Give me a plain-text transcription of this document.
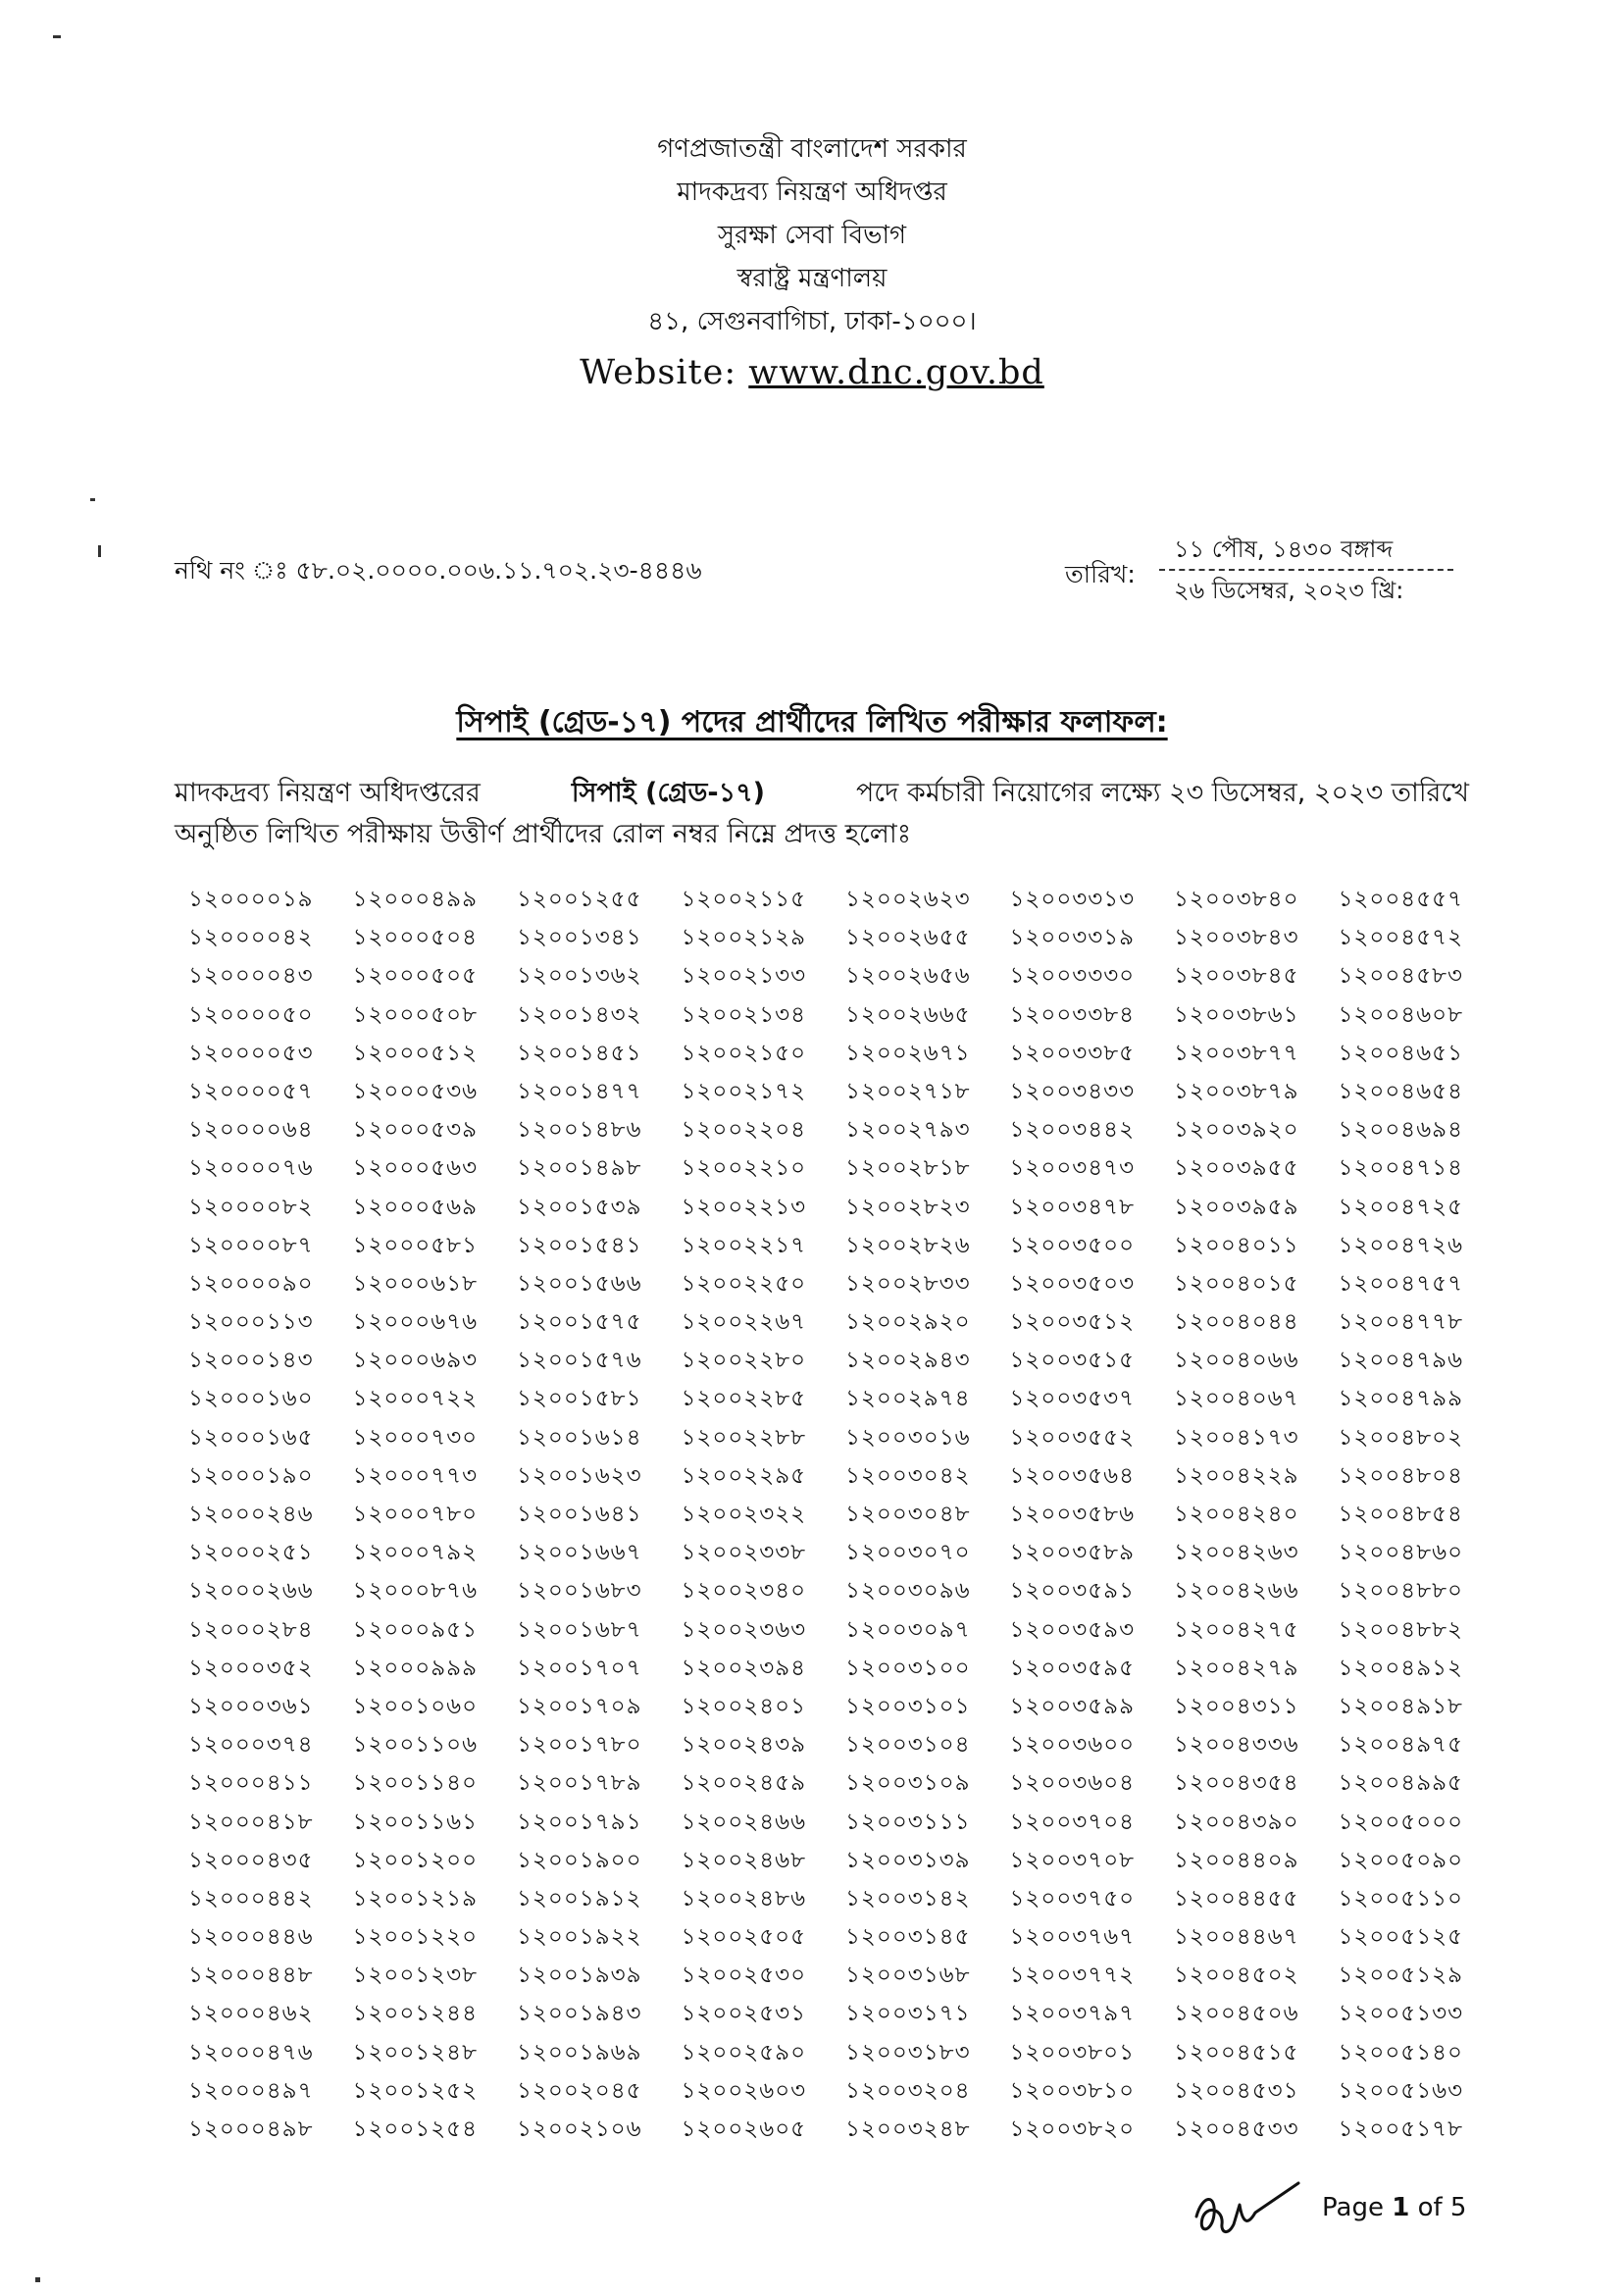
গণপ্রজাতন্ত্রী বাংলাদেশ সরকার
মাদকদ্রব্য নিয়ন্ত্রণ অধিদপ্তর
সুরক্ষা সেবা বিভাগ
স্বরাষ্ট্র মন্ত্রণালয়
৪১, সেগুনবাগিচা, ঢাকা-১০০০।
Website: www.dnc.gov.bd
নথি নং ঃ ৫৮.০২.০০০০.০০৬.১১.৭০২.২৩-৪৪৪৬	তারিখ:
১১ পৌষ, ১৪৩০ বঙ্গাব্দ
২৬ ডিসেম্বর, ২০২৩ খ্রি:
সিপাই (গ্রেড-১৭) পদের প্রার্থীদের লিখিত পরীক্ষার ফলাফল:
মাদকদ্রব্য নিয়ন্ত্রণ অধিদপ্তরের	সিপাই (গ্রেড-১৭)	পদে কর্মচারী নিয়োগের লক্ষ্যে ২৩ ডিসেম্বর, ২০২৩ তারিখে
অনুষ্ঠিত লিখিত পরীক্ষায় উত্তীর্ণ প্রার্থীদের রোল নম্বর নিম্নে প্রদত্ত হলোঃ
১২০০০০১৯	১২০০০৪৯৯	১২০০১২৫৫	১২০০২১১৫	১২০০২৬২৩	১২০০৩৩১৩	১২০০৩৮৪০	১২০০৪৫৫৭
১২০০০০৪২	১২০০০৫০৪	১২০০১৩৪১	১২০০২১২৯	১২০০২৬৫৫	১২০০৩৩১৯	১২০০৩৮৪৩	১২০০৪৫৭২
১২০০০০৪৩	১২০০০৫০৫	১২০০১৩৬২	১২০০২১৩৩	১২০০২৬৫৬	১২০০৩৩৩০	১২০০৩৮৪৫	১২০০৪৫৮৩
১২০০০০৫০	১২০০০৫০৮	১২০০১৪৩২	১২০০২১৩৪	১২০০২৬৬৫	১২০০৩৩৮৪	১২০০৩৮৬১	১২০০৪৬০৮
১২০০০০৫৩	১২০০০৫১২	১২০০১৪৫১	১২০০২১৫০	১২০০২৬৭১	১২০০৩৩৮৫	১২০০৩৮৭৭	১২০০৪৬৫১
১২০০০০৫৭	১২০০০৫৩৬	১২০০১৪৭৭	১২০০২১৭২	১২০০২৭১৮	১২০০৩৪৩৩	১২০০৩৮৭৯	১২০০৪৬৫৪
১২০০০০৬৪	১২০০০৫৩৯	১২০০১৪৮৬	১২০০২২০৪	১২০০২৭৯৩	১২০০৩৪৪২	১২০০৩৯২০	১২০০৪৬৯৪
১২০০০০৭৬	১২০০০৫৬৩	১২০০১৪৯৮	১২০০২২১০	১২০০২৮১৮	১২০০৩৪৭৩	১২০০৩৯৫৫	১২০০৪৭১৪
১২০০০০৮২	১২০০০৫৬৯	১২০০১৫৩৯	১২০০২২১৩	১২০০২৮২৩	১২০০৩৪৭৮	১২০০৩৯৫৯	১২০০৪৭২৫
১২০০০০৮৭	১২০০০৫৮১	১২০০১৫৪১	১২০০২২১৭	১২০০২৮২৬	১২০০৩৫০০	১২০০৪০১১	১২০০৪৭২৬
১২০০০০৯০	১২০০০৬১৮	১২০০১৫৬৬	১২০০২২৫০	১২০০২৮৩৩	১২০০৩৫০৩	১২০০৪০১৫	১২০০৪৭৫৭
১২০০০১১৩	১২০০০৬৭৬	১২০০১৫৭৫	১২০০২২৬৭	১২০০২৯২০	১২০০৩৫১২	১২০০৪০৪৪	১২০০৪৭৭৮
১২০০০১৪৩	১২০০০৬৯৩	১২০০১৫৭৬	১২০০২২৮০	১২০০২৯৪৩	১২০০৩৫১৫	১২০০৪০৬৬	১২০০৪৭৯৬
১২০০০১৬০	১২০০০৭২২	১২০০১৫৮১	১২০০২২৮৫	১২০০২৯৭৪	১২০০৩৫৩৭	১২০০৪০৬৭	১২০০৪৭৯৯
১২০০০১৬৫	১২০০০৭৩০	১২০০১৬১৪	১২০০২২৮৮	১২০০৩০১৬	১২০০৩৫৫২	১২০০৪১৭৩	১২০০৪৮০২
১২০০০১৯০	১২০০০৭৭৩	১২০০১৬২৩	১২০০২২৯৫	১২০০৩০৪২	১২০০৩৫৬৪	১২০০৪২২৯	১২০০৪৮০৪
১২০০০২৪৬	১২০০০৭৮০	১২০০১৬৪১	১২০০২৩২২	১২০০৩০৪৮	১২০০৩৫৮৬	১২০০৪২৪০	১২০০৪৮৫৪
১২০০০২৫১	১২০০০৭৯২	১২০০১৬৬৭	১২০০২৩৩৮	১২০০৩০৭০	১২০০৩৫৮৯	১২০০৪২৬৩	১২০০৪৮৬০
১২০০০২৬৬	১২০০০৮৭৬	১২০০১৬৮৩	১২০০২৩৪০	১২০০৩০৯৬	১২০০৩৫৯১	১২০০৪২৬৬	১২০০৪৮৮০
১২০০০২৮৪	১২০০০৯৫১	১২০০১৬৮৭	১২০০২৩৬৩	১২০০৩০৯৭	১২০০৩৫৯৩	১২০০৪২৭৫	১২০০৪৮৮২
১২০০০৩৫২	১২০০০৯৯৯	১২০০১৭০৭	১২০০২৩৯৪	১২০০৩১০০	১২০০৩৫৯৫	১২০০৪২৭৯	১২০০৪৯১২
১২০০০৩৬১	১২০০১০৬০	১২০০১৭০৯	১২০০২৪০১	১২০০৩১০১	১২০০৩৫৯৯	১২০০৪৩১১	১২০০৪৯১৮
১২০০০৩৭৪	১২০০১১০৬	১২০০১৭৮০	১২০০২৪৩৯	১২০০৩১০৪	১২০০৩৬০০	১২০০৪৩৩৬	১২০০৪৯৭৫
১২০০০৪১১	১২০০১১৪০	১২০০১৭৮৯	১২০০২৪৫৯	১২০০৩১০৯	১২০০৩৬০৪	১২০০৪৩৫৪	১২০০৪৯৯৫
১২০০০৪১৮	১২০০১১৬১	১২০০১৭৯১	১২০০২৪৬৬	১২০০৩১১১	১২০০৩৭০৪	১২০০৪৩৯০	১২০০৫০০০
১২০০০৪৩৫	১২০০১২০০	১২০০১৯০০	১২০০২৪৬৮	১২০০৩১৩৯	১২০০৩৭০৮	১২০০৪৪০৯	১২০০৫০৯০
১২০০০৪৪২	১২০০১২১৯	১২০০১৯১২	১২০০২৪৮৬	১২০০৩১৪২	১২০০৩৭৫০	১২০০৪৪৫৫	১২০০৫১১০
১২০০০৪৪৬	১২০০১২২০	১২০০১৯২২	১২০০২৫০৫	১২০০৩১৪৫	১২০০৩৭৬৭	১২০০৪৪৬৭	১২০০৫১২৫
১২০০০৪৪৮	১২০০১২৩৮	১২০০১৯৩৯	১২০০২৫৩০	১২০০৩১৬৮	১২০০৩৭৭২	১২০০৪৫০২	১২০০৫১২৯
১২০০০৪৬২	১২০০১২৪৪	১২০০১৯৪৩	১২০০২৫৩১	১২০০৩১৭১	১২০০৩৭৯৭	১২০০৪৫০৬	১২০০৫১৩৩
১২০০০৪৭৬	১২০০১২৪৮	১২০০১৯৬৯	১২০০২৫৯০	১২০০৩১৮৩	১২০০৩৮০১	১২০০৪৫১৫	১২০০৫১৪০
১২০০০৪৯৭	১২০০১২৫২	১২০০২০৪৫	১২০০২৬০৩	১২০০৩২০৪	১২০০৩৮১০	১২০০৪৫৩১	১২০০৫১৬৩
১২০০০৪৯৮	১২০০১২৫৪	১২০০২১০৬	১২০০২৬০৫	১২০০৩২৪৮	১২০০৩৮২০	১২০০৪৫৩৩	১২০০৫১৭৮
Page 1 of 5
